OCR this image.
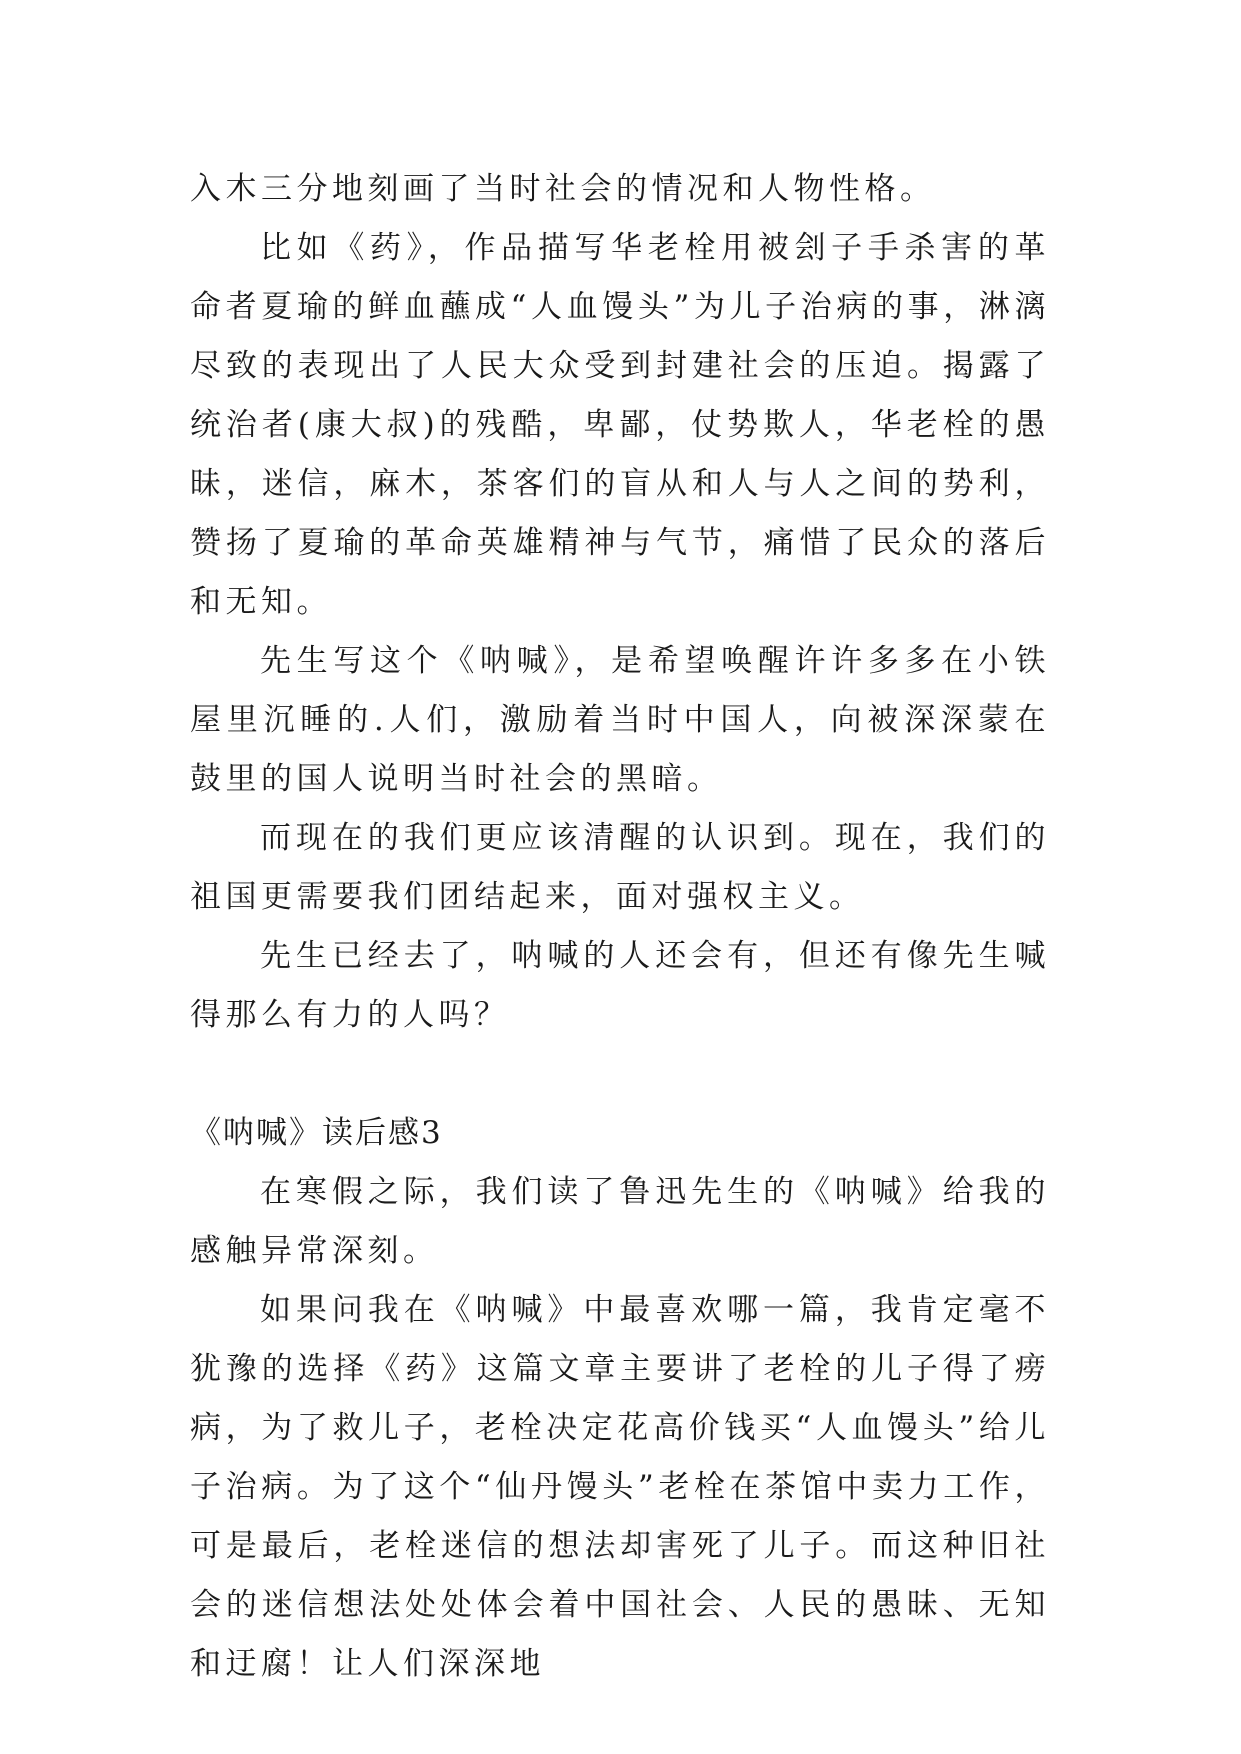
入木三分地刻画了当时社会的情况和人物性格。

比如《药》，作品描写华老栓用被刽子手杀害的革命者夏瑜的鲜血蘸成“人血馒头”为儿子治病的事，淋漓尽致的表现出了人民大众受到封建社会的压迫。揭露了统治者(康大叔)的残酷，卑鄙，仗势欺人，华老栓的愚昧，迷信，麻木，茶客们的盲从和人与人之间的势利，赞扬了夏瑜的革命英雄精神与气节，痛惜了民众的落后和无知。

先生写这个《呐喊》，是希望唤醒许许多多在小铁屋里沉睡的.人们，激励着当时中国人，向被深深蒙在鼓里的国人说明当时社会的黑暗。

而现在的我们更应该清醒的认识到。现在，我们的祖国更需要我们团结起来，面对强权主义。

先生已经去了，呐喊的人还会有，但还有像先生喊得那么有力的人吗？

《呐喊》读后感3

在寒假之际，我们读了鲁迅先生的《呐喊》给我的感触异常深刻。

如果问我在《呐喊》中最喜欢哪一篇，我肯定毫不犹豫的选择《药》这篇文章主要讲了老栓的儿子得了痨病，为了救儿子，老栓决定花高价钱买“人血馒头”给儿子治病。为了这个“仙丹馒头”老栓在茶馆中卖力工作，可是最后，老栓迷信的想法却害死了儿子。而这种旧社会的迷信想法处处体会着中国社会、人民的愚昧、无知和迂腐！让人们深深地
